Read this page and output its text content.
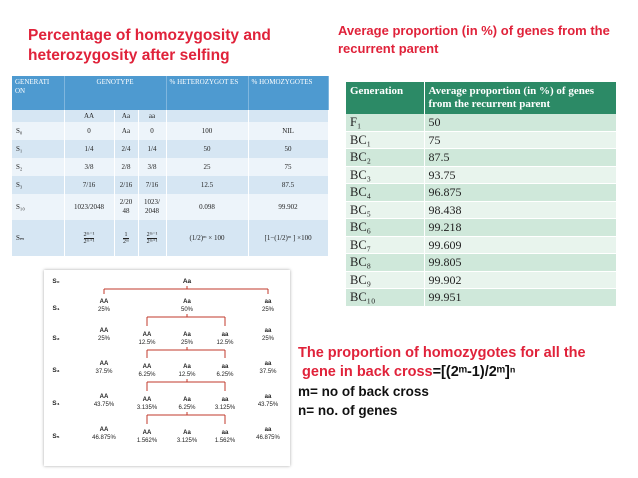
Percentage of homozygosity and heterozygosity after selfing
Average proportion (in %) of genes from the recurrent parent
GENERATI ON	GENOTYPE			% HETEROZYGOT ES	% HOMOZYGOTES
	AA	Aa	aa		
S₀	0	Aa	0	100	NIL
S₁	1/4	2/4	1/4	50	50
S₂	3/8	2/8	3/8	25	75
S₃	7/16	2/16	7/16	12.5	87.5
S₁₀	1023/2048	2/20 48	1023/ 2048	0.098	99.902
Sₘ	$\frac{\text{2ᵐ⁻¹}}{\text{2ᵐ⁺¹}}$	$\frac{1}{\text{2ᵐ}}$	$\frac{\text{2ᵐ⁻¹}}{\text{2ᵐ⁺¹}}$	(1/2)ᵐ × 100	[1−(1/2)ᵐ ] ×100
Generation	Average proportion (in %) of genes from the recurrent parent
F₁	50
BC₁	75
BC₂	87.5
BC₃	93.75
BC₄	96.875
BC₅	98.438
BC₆	99.218
BC₇	99.609
BC₈	99.805
BC₉	99.902
BC₁₀	99.951
S₀
S₁
S₂
S₃
S₄
S₅
Aa
AA
25%
Aa
50%
aa
25%
AA
25%
AA
12.5%
Aa
25%
aa
12.5%
aa
25%
AA
37.5%
AA
6.25%
Aa
12.5%
aa
6.25%
aa
37.5%
AA
43.75%
AA
3.135%
Aa
6.25%
aa
3.125%
aa
43.75%
AA
46.875%
AA
1.562%
Aa
3.125%
aa
1.562%
aa
46.875%
The proportion of homozygotes for all the
gene in back cross=[(2ᵐ-1)/2ᵐ]ⁿ
m= no of back cross
n= no. of genes
